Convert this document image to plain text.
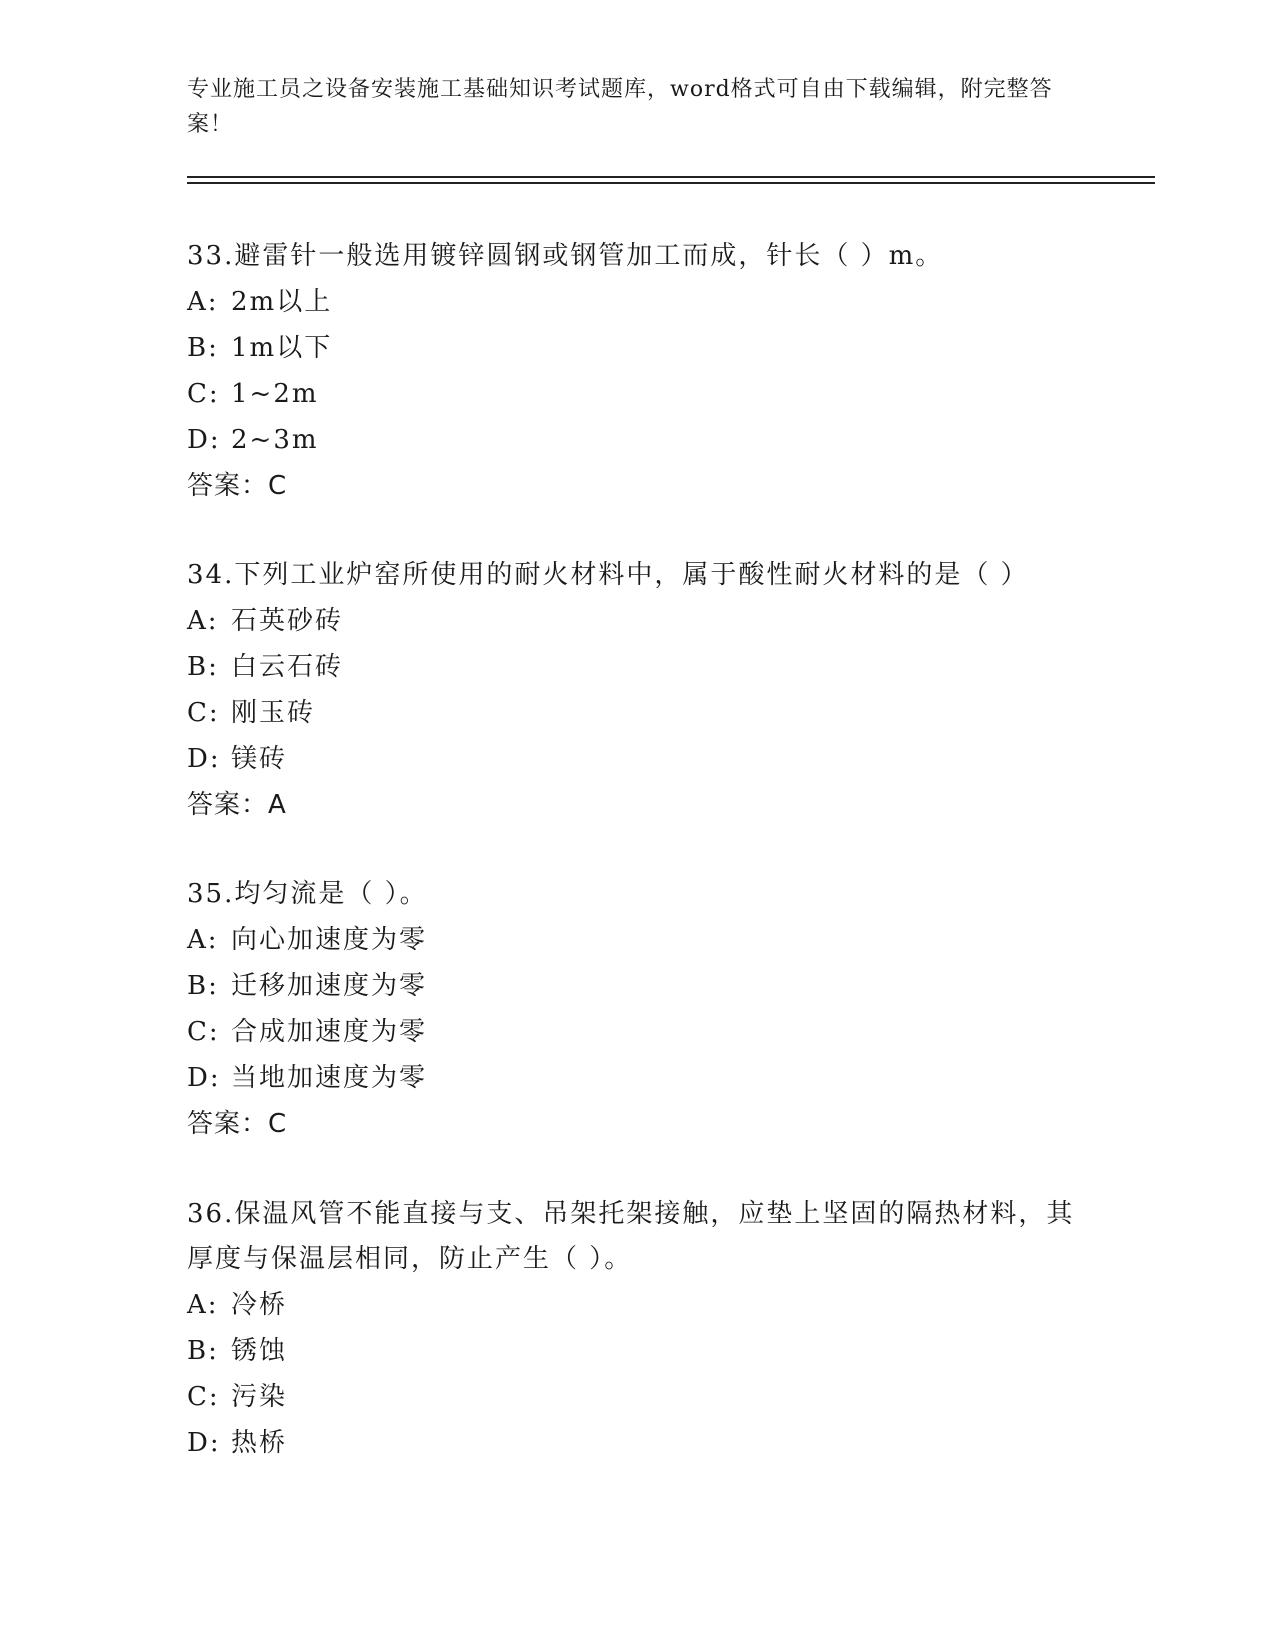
专业施工员之设备安装施工基础知识考试题库，word格式可自由下载编辑，附完整答案！

33.避雷针一般选用镀锌圆钢或钢管加工而成，针长（ ）m。

A: 2m以上
B: 1m以下
C: 1~2m
D: 2~3m
答案：C

34.下列工业炉窑所使用的耐火材料中，属于酸性耐火材料的是（ ）

A: 石英砂砖
B: 白云石砖
C: 刚玉砖
D: 镁砖
答案：A

35.均匀流是（ ）。

A: 向心加速度为零
B: 迁移加速度为零
C: 合成加速度为零
D: 当地加速度为零
答案：C

36.保温风管不能直接与支、吊架托架接触，应垫上坚固的隔热材料，其厚度与保温层相同，防止产生（ ）。

A: 冷桥
B: 锈蚀
C: 污染
D: 热桥
